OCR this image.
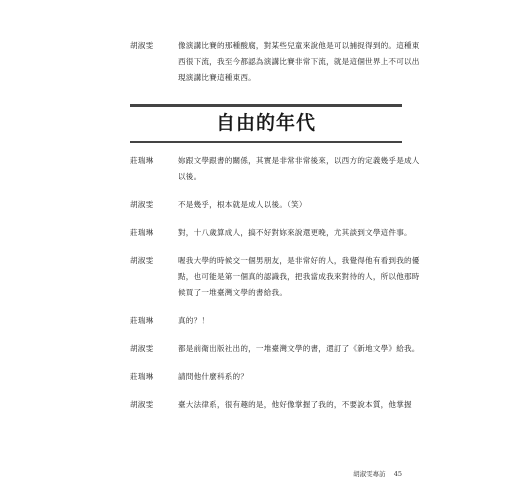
胡淑雯	像演講比賽的那種酸腐，對某些兒童來說他是可以捕捉得到的。這種東西很下流，我至今都認為演講比賽非常下流，就是這個世界上不可以出現演講比賽這種東西。
自由的年代
莊瑞琳	妳跟文學跟書的關係，其實是非常非常後來，以西方的定義幾乎是成人以後。
胡淑雯	不是幾乎，根本就是成人以後。（笑）
莊瑞琳	對，十八歲算成人，搞不好對妳來說還更晚，尤其談到文學這件事。
胡淑雯	喔我大學的時候交一個男朋友，是非常好的人，我覺得他有看到我的優點，也可能是第一個真的認識我，把我當成我來對待的人，所以他那時候買了一堆臺灣文學的書給我。
莊瑞琳	真的？！
胡淑雯	都是前衛出版社出的，一堆臺灣文學的書，還訂了《新地文學》給我。
莊瑞琳	請問他什麼科系的？
胡淑雯	臺大法律系，很有趣的是，他好像掌握了我的，不要說本質，他掌握
胡淑雯專訪 45
